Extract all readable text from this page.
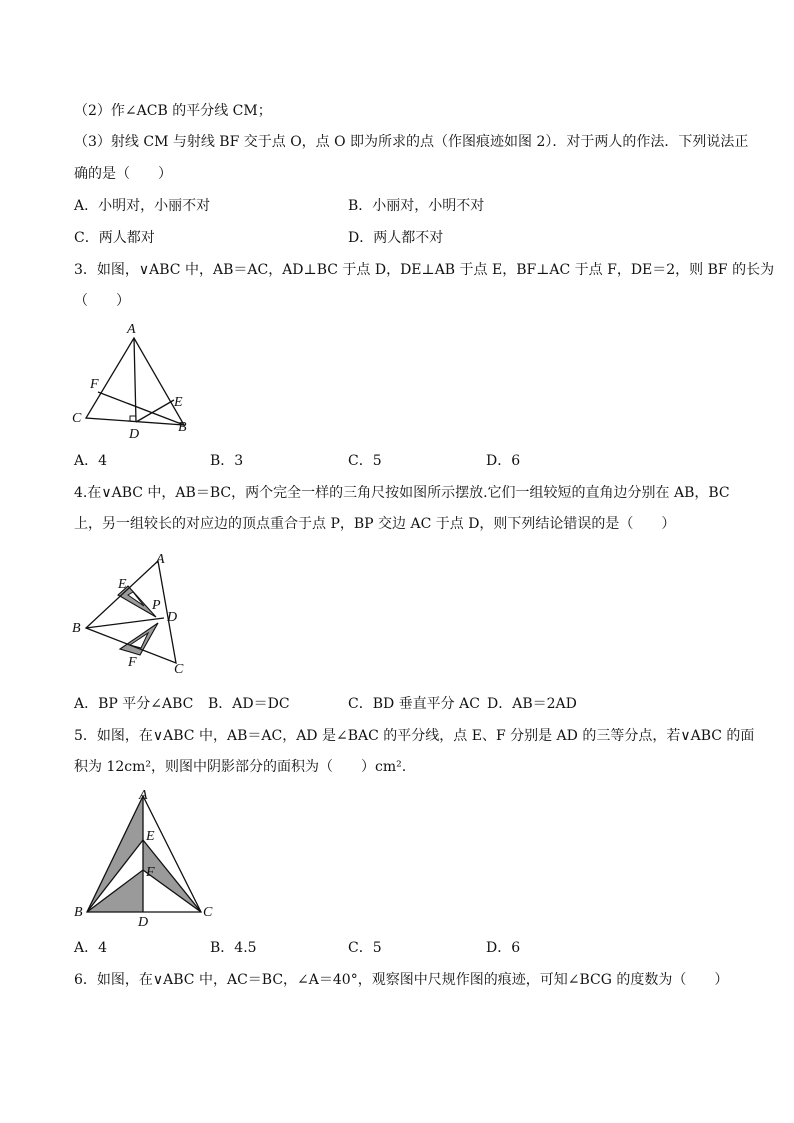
（2）作∠ACB 的平分线 CM；
（3）射线 CM 与射线 BF 交于点 O，点 O 即为所求的点（作图痕迹如图 2）．对于两人的作法．下列说法正
确的是（　　）
A．小明对，小丽不对	B．小丽对，小明不对
C．两人都对	D．两人都不对
3．如图，∨ABC 中，AB＝AC，AD⊥BC 于点 D，DE⊥AB 于点 E，BF⊥AC 于点 F，DE＝2，则 BF 的长为
（　　）
A
F
E
C
D	B
A．4	B．3	C．5	D．6
4.在∨ABC 中，AB＝BC，两个完全一样的三角尺按如图所示摆放.它们一组较短的直角边分别在 AB，BC
上，另一组较长的对应边的顶点重合于点 P，BP 交边 AC 于点 D，则下列结论错误的是（　　）
A
E
P
D
B
F	C
A．BP 平分∠ABC B．AD＝DC	C．BD 垂直平分 AC D．AB＝2AD
5．如图，在∨ABC 中，AB＝AC，AD 是∠BAC 的平分线，点 E、F 分别是 AD 的三等分点，若∨ABC 的面
积为 12cm²，则图中阴影部分的面积为（　　）cm².
A
E
F
B
D
C
A．4	B．4.5	C．5	D．6
6．如图，在∨ABC 中，AC＝BC，∠A＝40°，观察图中尺规作图的痕迹，可知∠BCG 的度数为（　　）
